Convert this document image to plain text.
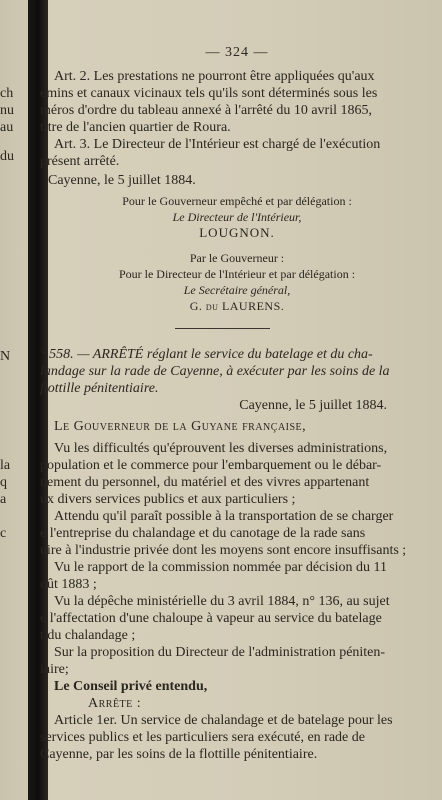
ch
nu
au
du
N
la
q
a
c
— 324 —
Art. 2. Les prestations ne pourront être appliquées qu'aux
emins et canaux vicinaux tels qu'ils sont déterminés sous les
méros d'ordre du tableau annexé à l'arrêté du 10 avril 1865,
titre de l'ancien quartier de Roura.
Art. 3. Le Directeur de l'Intérieur est chargé de l'exécution
présent arrêté.
Cayenne, le 5 juillet 1884.
Pour le Gouverneur empêché et par délégation :
Le Directeur de l'Intérieur,
LOUGNON.
Par le Gouverneur :
Pour le Directeur de l'Intérieur et par délégation :
Le Secrétaire général,
G. du LAURENS.
° 558. — ARRÊTÉ réglant le service du batelage et du cha-
landage sur la rade de Cayenne, à exécuter par les soins de la
flottille pénitentiaire.
Cayenne, le 5 juillet 1884.
Le Gouverneur de la Guyane française,
Vu les difficultés qu'éprouvent les diverses administrations,
population et le commerce pour l'embarquement ou le débar-
uement du personnel, du matériel et des vivres appartenant
ux divers services publics et aux particuliers ;
Attendu qu'il paraît possible à la transportation de se charger
e l'entreprise du chalandage et du canotage de la rade sans
uire à l'industrie privée dont les moyens sont encore insuffisants ;
Vu le rapport de la commission nommée par décision du 11
oût 1883 ;
Vu la dépêche ministérielle du 3 avril 1884, n° 136, au sujet
e l'affectation d'une chaloupe à vapeur au service du batelage
t du chalandage ;
Sur la proposition du Directeur de l'administration péniten-
iaire;
Le Conseil privé entendu,
Arrête :
Article 1er. Un service de chalandage et de batelage pour les
services publics et les particuliers sera exécuté, en rade de
Cayenne, par les soins de la flottille pénitentiaire.
